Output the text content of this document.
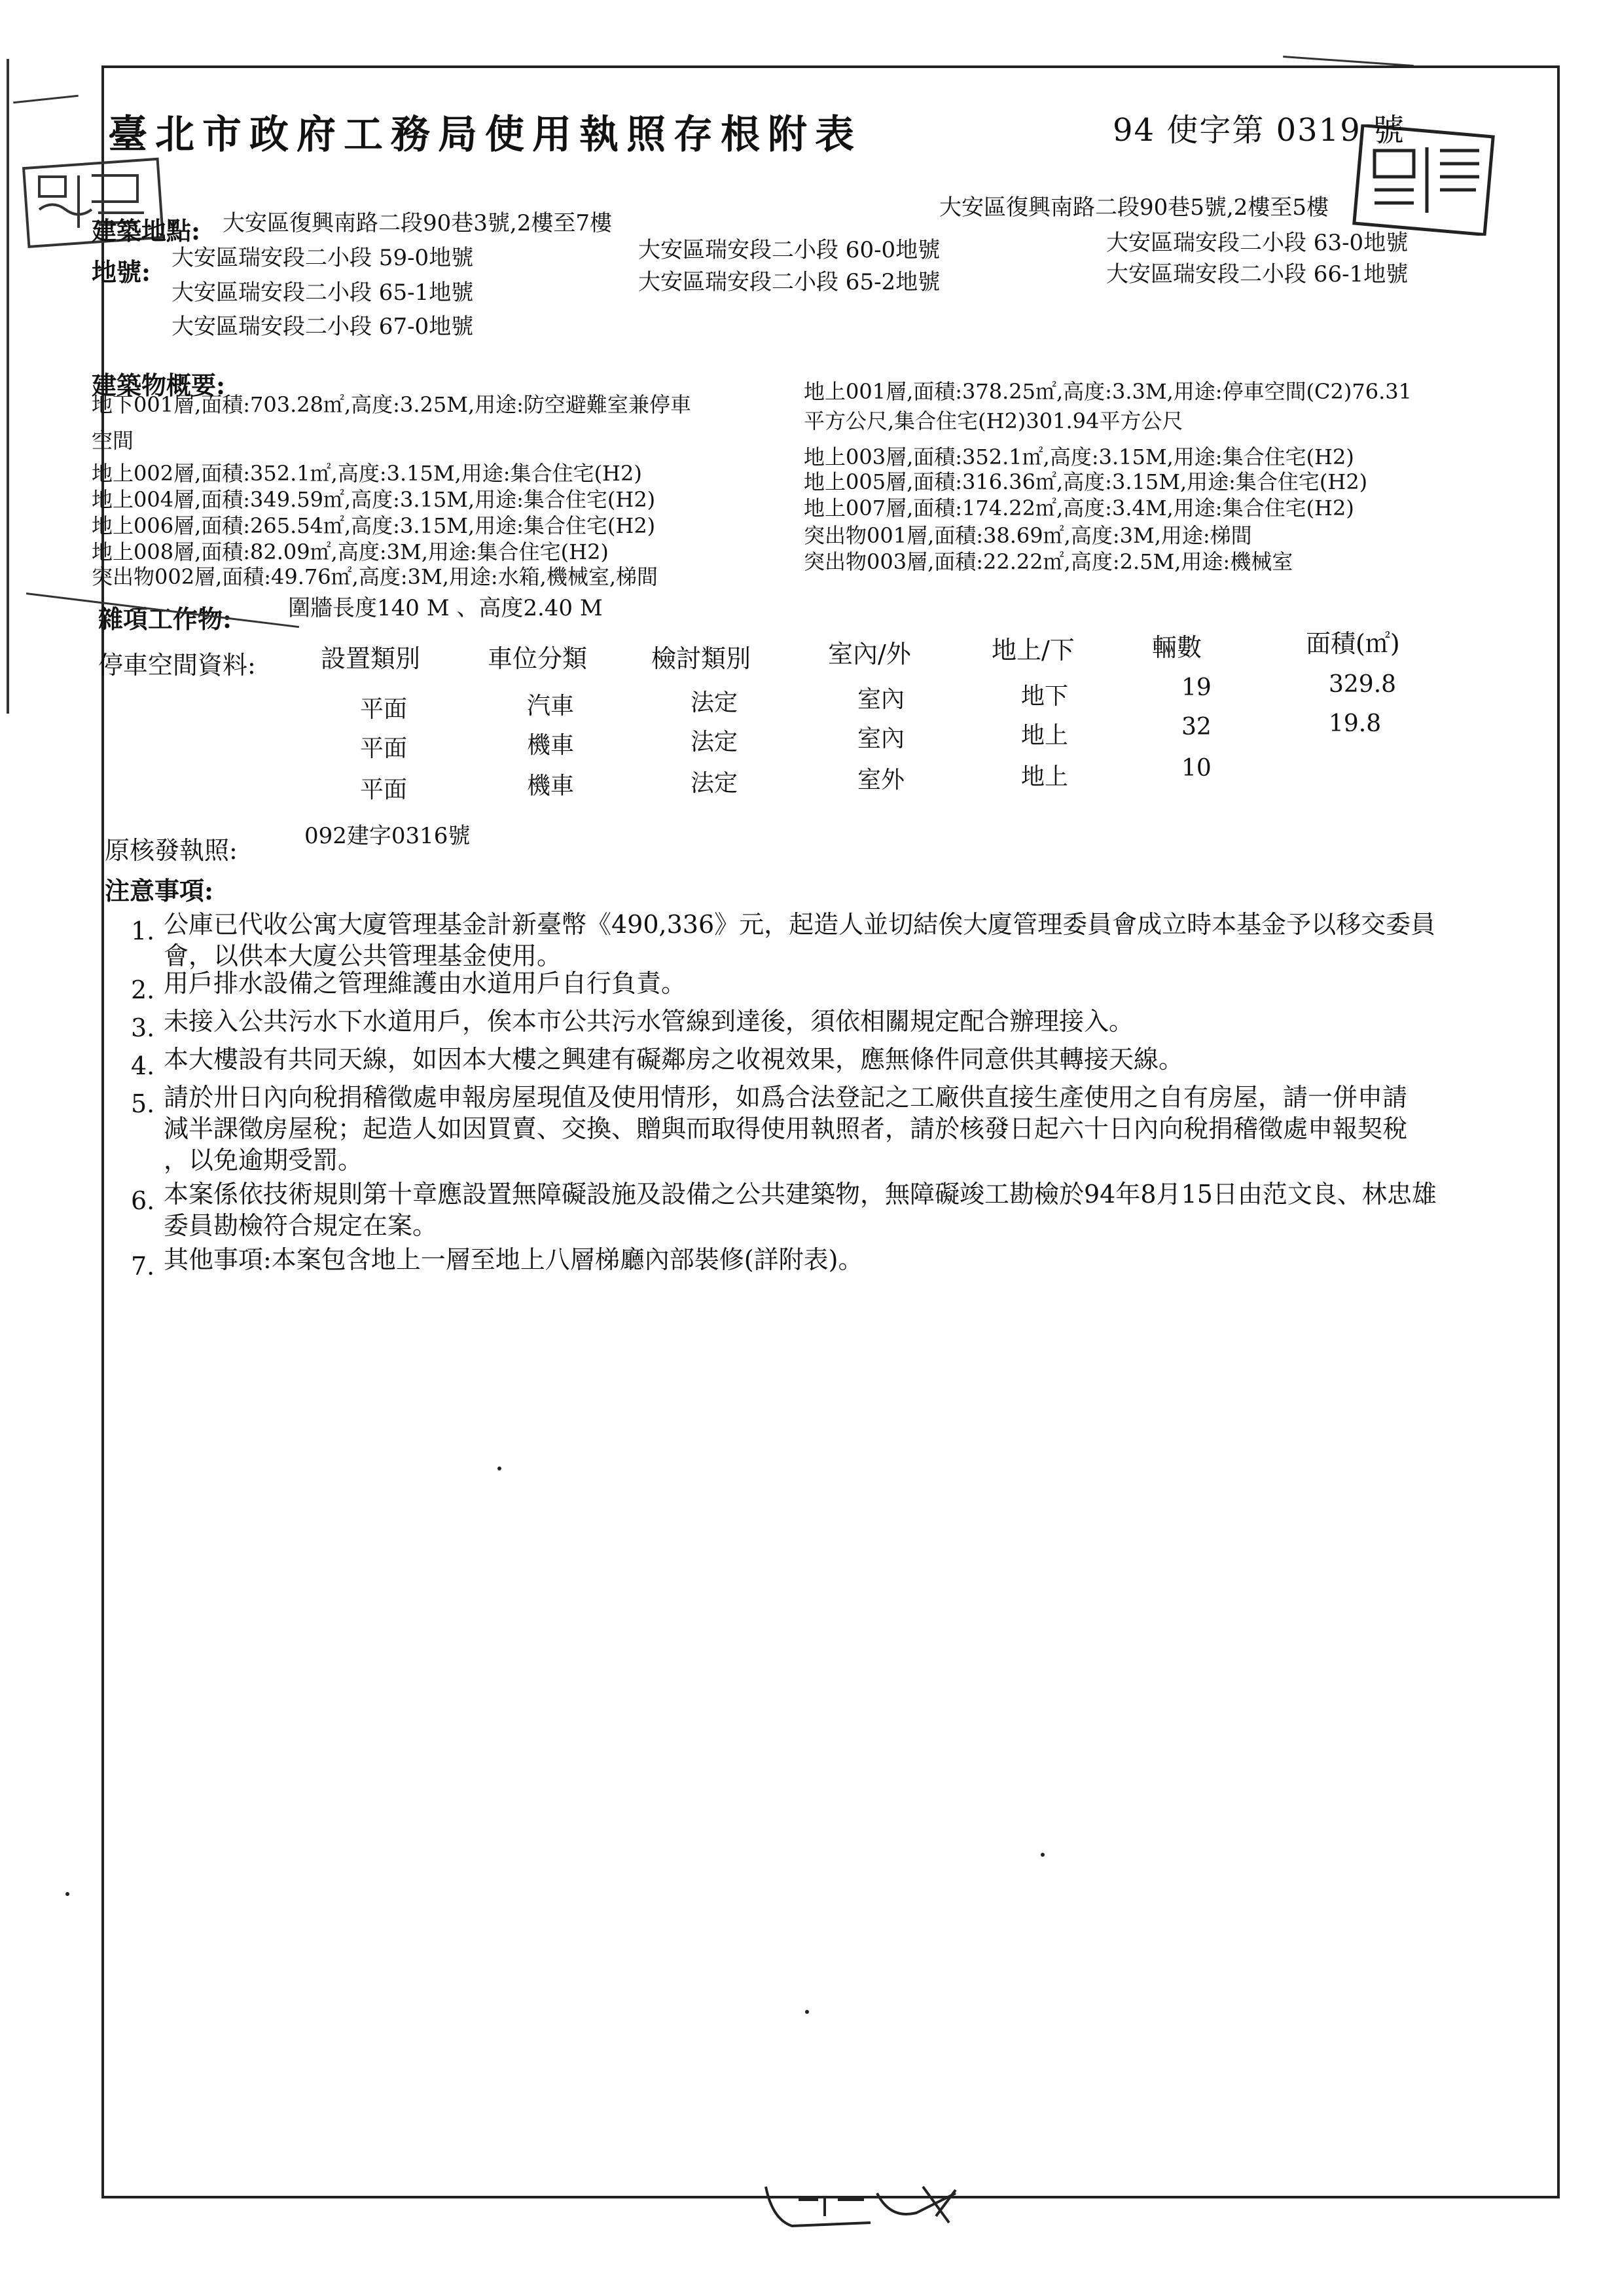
臺北市政府工務局使用執照存根附表	94 使字第 0319 號
建築地點: 大安區復興南路二段90巷3號,2樓至7樓
大安區復興南路二段90巷5號,2樓至5樓
地號: 大安區瑞安段二小段 59-0地號	大安區瑞安段二小段 60-0地號	大安區瑞安段二小段 63-0地號
大安區瑞安段二小段 65-1地號	大安區瑞安段二小段 65-2地號	大安區瑞安段二小段 66-1地號
大安區瑞安段二小段 67-0地號
建築物概要:
地下001層,面積:703.28㎡,高度:3.25M,用途:防空避難室兼停車
空間
地上002層,面積:352.1㎡,高度:3.15M,用途:集合住宅(H2)
地上004層,面積:349.59㎡,高度:3.15M,用途:集合住宅(H2)
地上006層,面積:265.54㎡,高度:3.15M,用途:集合住宅(H2)
地上008層,面積:82.09㎡,高度:3M,用途:集合住宅(H2)
突出物002層,面積:49.76㎡,高度:3M,用途:水箱,機械室,梯間
地上001層,面積:378.25㎡,高度:3.3M,用途:停車空間(C2)76.31
平方公尺,集合住宅(H2)301.94平方公尺
地上003層,面積:352.1㎡,高度:3.15M,用途:集合住宅(H2)
地上005層,面積:316.36㎡,高度:3.15M,用途:集合住宅(H2)
地上007層,面積:174.22㎡,高度:3.4M,用途:集合住宅(H2)
突出物001層,面積:38.69㎡,高度:3M,用途:梯間
突出物003層,面積:22.22㎡,高度:2.5M,用途:機械室
雜項工作物:	圍牆長度140 M 、高度2.40 M
停車空間資料:	設置類別	車位分類	檢討類別	室內/外	地上/下	輛數	面積(㎡)
平面	汽車	法定	室內	地下	19	329.8
平面	機車	法定	室內	地上	32	19.8
平面	機車	法定	室外	地上	10
原核發執照:	092建字0316號
注意事項:
1. 公庫已代收公寓大廈管理基金計新臺幣《490,336》元，起造人並切結俟大廈管理委員會成立時本基金予以移交委員
會，以供本大廈公共管理基金使用。
2. 用戶排水設備之管理維護由水道用戶自行負責。
3. 未接入公共污水下水道用戶，俟本市公共污水管線到達後，須依相關規定配合辦理接入。
4. 本大樓設有共同天線，如因本大樓之興建有礙鄰房之收視效果，應無條件同意供其轉接天線。
5. 請於卅日內向稅捐稽徵處申報房屋現值及使用情形，如爲合法登記之工廠供直接生產使用之自有房屋，請一併申請
減半課徵房屋稅；起造人如因買賣、交換、贈與而取得使用執照者，請於核發日起六十日內向稅捐稽徵處申報契稅
，以免逾期受罰。
6. 本案係依技術規則第十章應設置無障礙設施及設備之公共建築物，無障礙竣工勘檢於94年8月15日由范文良、林忠雄
委員勘檢符合規定在案。
7. 其他事項:本案包含地上一層至地上八層梯廳內部裝修(詳附表)。
